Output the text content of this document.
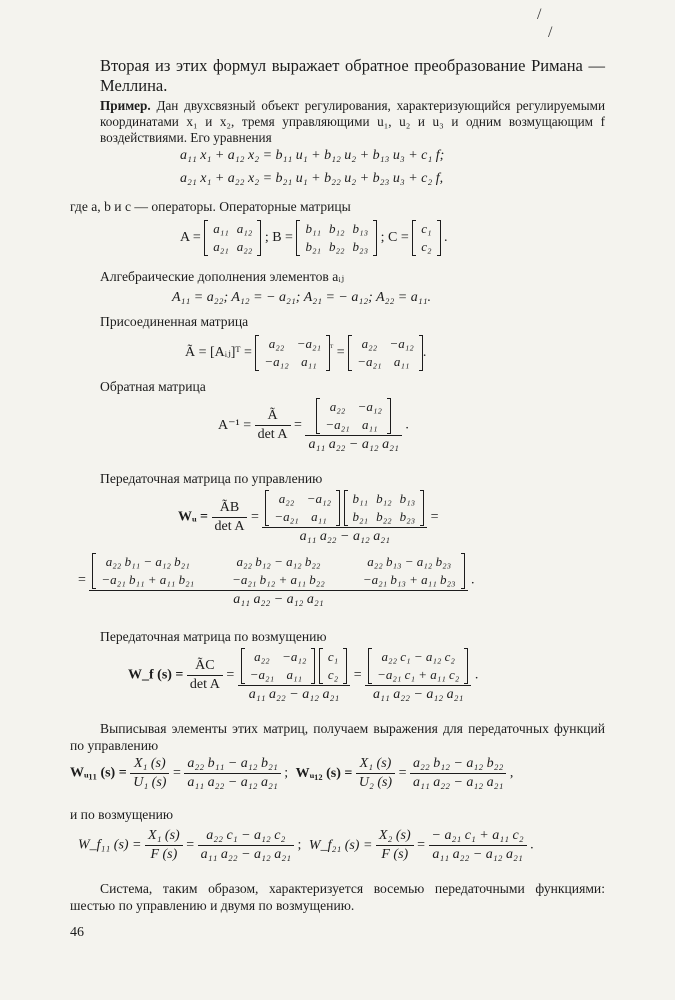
/
/
Вторая из этих формул выражает обратное преобразование Римана — Меллина.
Пример. Дан двухсвязный объект регулирования, характеризующийся регулируемыми координатами x₁ и x₂, тремя управляющими u₁, u₂ и u₃ и одним возмущающим f воздействиями. Его уравнения
a₁₁ x₁ + a₁₂ x₂ = b₁₁ u₁ + b₁₂ u₂ + b₁₃ u₃ + c₁ f;
a₂₁ x₁ + a₂₂ x₂ = b₂₁ u₁ + b₂₂ u₂ + b₂₃ u₃ + c₂ f,
где a, b и c — операторы. Операторные матрицы
A =
a₁₁	a₁₂
a₂₁	a₂₂
; B =
b₁₁	b₁₂	b₁₃
b₂₁	b₂₂	b₂₃
; C =
c₁
c₂
.
Алгебраические дополнения элементов aᵢⱼ
A₁₁ = a₂₂; A₁₂ = − a₂₁; A₂₁ = − a₁₂; A₂₂ = a₁₁.
Присоединенная матрица
Ã = [Aᵢⱼ]ᵀ =
a₂₂	−a₂₁
−a₁₂	a₁₁
$^ᵀ$ =
a₂₂	−a₁₂
−a₂₁	a₁₁
.
Обратная матрица
$A^{-1} = \frac{Ã}{\text{det A}} = a_{22}$	−a₁₂
−a₂₁	a₁₁
a₁₁ a₂₂ − a₁₂ a₂₁ .
Передаточная матрица по управлению
Wᵤ = $\frac{ÃB}{\text{det A}} = a_{22}$	−a₁₂
−a₂₁	a₁₁

b₁₁	b₁₂	b₁₃
b₂₁	b₂₂	b₂₃
a₁₁ a₂₂ − a₁₂ a₂₁ =
=
a₂₂ b₁₁ − a₁₂ b₂₁		a₂₂ b₁₂ − a₁₂ b₂₂		a₂₂ b₁₃ − a₁₂ b₂₃
−a₂₁ b₁₁ + a₁₁ b₂₁		−a₂₁ b₁₂ + a₁₁ b₂₂		−a₂₁ b₁₃ + a₁₁ b₂₃
a₁₁ a₂₂ − a₁₂ a₂₁
.
Передаточная матрица по возмущению
W_f $(s) = \frac{ÃC}{\text{det A}} = a_{22}$	−a₁₂
−a₂₁	a₁₁

c₁
c₂
a₁₁ a₂₂ − a₁₂ a₂₁ = a₂₂ c₁ − a₁₂ c₂
−a₂₁ c₁ + a₁₁ c₂
a₁₁ a₂₂ − a₁₂ a₂₁ .
Выписывая элементы этих матриц, получаем выражения для передаточных функций по управлению
Wᵤ₁₁ $(s) = \frac{\text{X₁ (s)}}{\text{U₁ (s)}} = \frac{\text{a₂₂ b₁₁ − a₁₂ b₂₁}}{\text{a₁₁ a₂₂ − a₁₂ a₂₁}}$ ; Wᵤ₁₂ $(s) = \frac{\text{X₁ (s)}}{\text{U₂ (s)}} = \frac{\text{a₂₂ b₁₂ − a₁₂ b₂₂}}{\text{a₁₁ a₂₂ − a₁₂ a₂₁}}$ ,
и по возмущению
W_f₁₁ $(s) = \frac{\text{X₁ (s)}}{F (s)} = \frac{\text{a₂₂ c₁ − a₁₂ c₂}}{\text{a₁₁ a₂₂ − a₁₂ a₂₁}}$ ; W_f₂₁ $(s) = \frac{\text{X₂ (s)}}{F (s)} = \frac{\text{− a₂₁ c₁ + a₁₁ c₂}}{\text{a₁₁ a₂₂ − a₁₂ a₂₁}}$ .
Система, таким образом, характеризуется восемью передаточными функциями: шестью по управлению и двумя по возмущению.
46
